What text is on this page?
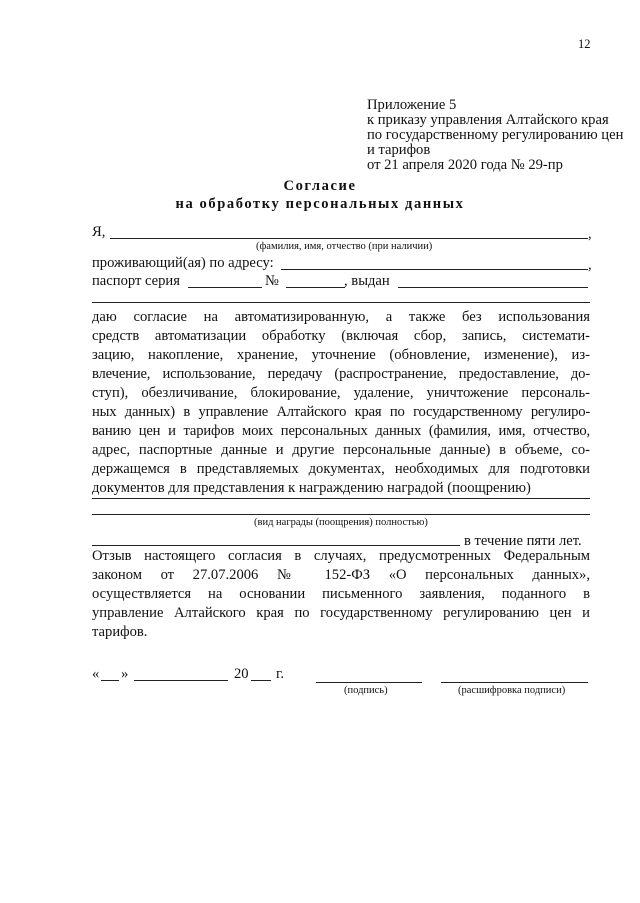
12
Приложение 5
к приказу управления Алтайского края
по государственному регулированию цен
и тарифов
от 21 апреля 2020 года № 29-пр
Согласие
на обработку персональных данных
Я,	,
(фамилия, имя, отчество (при наличии)
проживающий(ая) по адресу:	,
паспорт серия	№	, выдан
даю согласие на автоматизированную, а также без использования
средств автоматизации обработку (включая сбор, запись, системати-
зацию, накопление, хранение, уточнение (обновление, изменение), из-
влечение, использование, передачу (распространение, предоставление, до-
ступ), обезличивание, блокирование, удаление, уничтожение персональ-
ных данных) в управление Алтайского края по государственному регулиро-
ванию цен и тарифов моих персональных данных (фамилия, имя, отчество,
адрес, паспортные данные и другие персональные данные) в объеме, со-
держащемся в представляемых документах, необходимых для подготовки
документов для представления к награждению наградой (поощрению)
(вид награды (поощрения) полностью)
в течение пяти лет.
Отзыв настоящего согласия в случаях, предусмотренных Федеральным
законом от 27.07.2006 № 152-ФЗ «О персональных данных»,
осуществляется на основании письменного заявления, поданного в
управление Алтайского края по государственному регулированию цен и
тарифов.
« »	20 г.
(подпись)	(расшифровка подписи)
